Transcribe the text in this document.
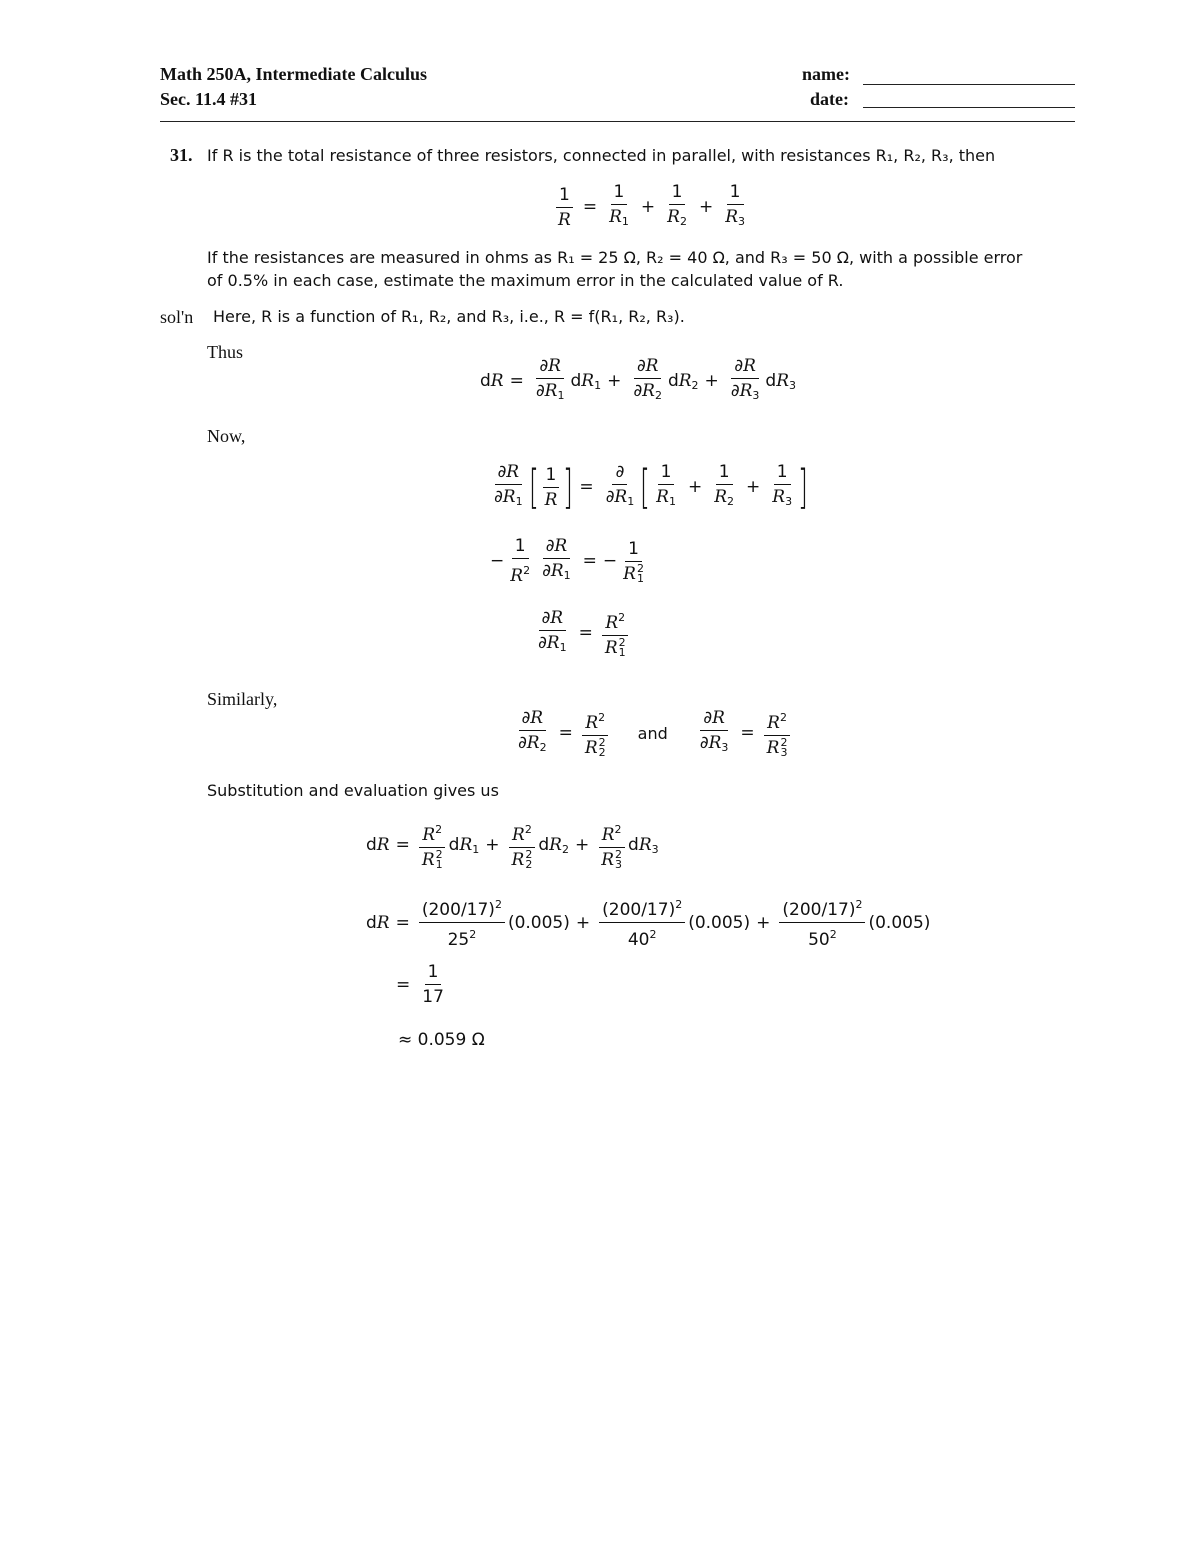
Math 250A, Intermediate Calculus
Sec. 11.4 #31
name:
date:
31. If R is the total resistance of three resistors, connected in parallel, with resistances R₁, R₂, R₃, then
$\frac{1}{R} = \frac{1}{R_1} + \frac{1}{R_2} + \frac{1}{R_3}$
If the resistances are measured in ohms as R₁ = 25 Ω, R₂ = 40 Ω, and R₃ = 50 Ω, with a possible error
of 0.5% in each case, estimate the maximum error in the calculated value of R.
sol'n Here, R is a function of R₁, R₂, and R₃, i.e., R = f(R₁, R₂, R₃).
Thus
dR = $\frac{\partial R}{\partial R_1} dR_1 + \frac{\partial R}{\partial R_2} dR_2 + \frac{\partial R}{\partial R_3} dR_3$
Now,
∂R
$\partial R_1$ [ 1
R ] =
∂
$\partial R_1$ [ 1
$R_1$
+ $\frac{1}{R_2} + \frac{1}{R_3}$ ]
− $\frac{1}{R^2} \frac{\partial R}{\partial R_1}$ = − 1
R 2
1
$\frac{\partial R}{\partial R_1} = R^2$
R 2
1
Similarly,
$\frac{\partial R}{\partial R_2} = R^2$
R 2
2 and $\frac{\partial R}{\partial R_3} = R^2$
R 2
3
Substitution and evaluation gives us
dR = $R^2$
R 2
1 $dR_1 + R^2$
R 2
2 $dR_2 + R^2$
R 2
3 $dR_3$
dR = $\frac{(200/17)^2}{25^2} (0.005) + \frac{(200/17)^2}{40^2} (0.005) + \frac{(200/17)^2}{50^2} (0.005)$
= $\frac{1}{17}$
≈ 0.059 Ω
